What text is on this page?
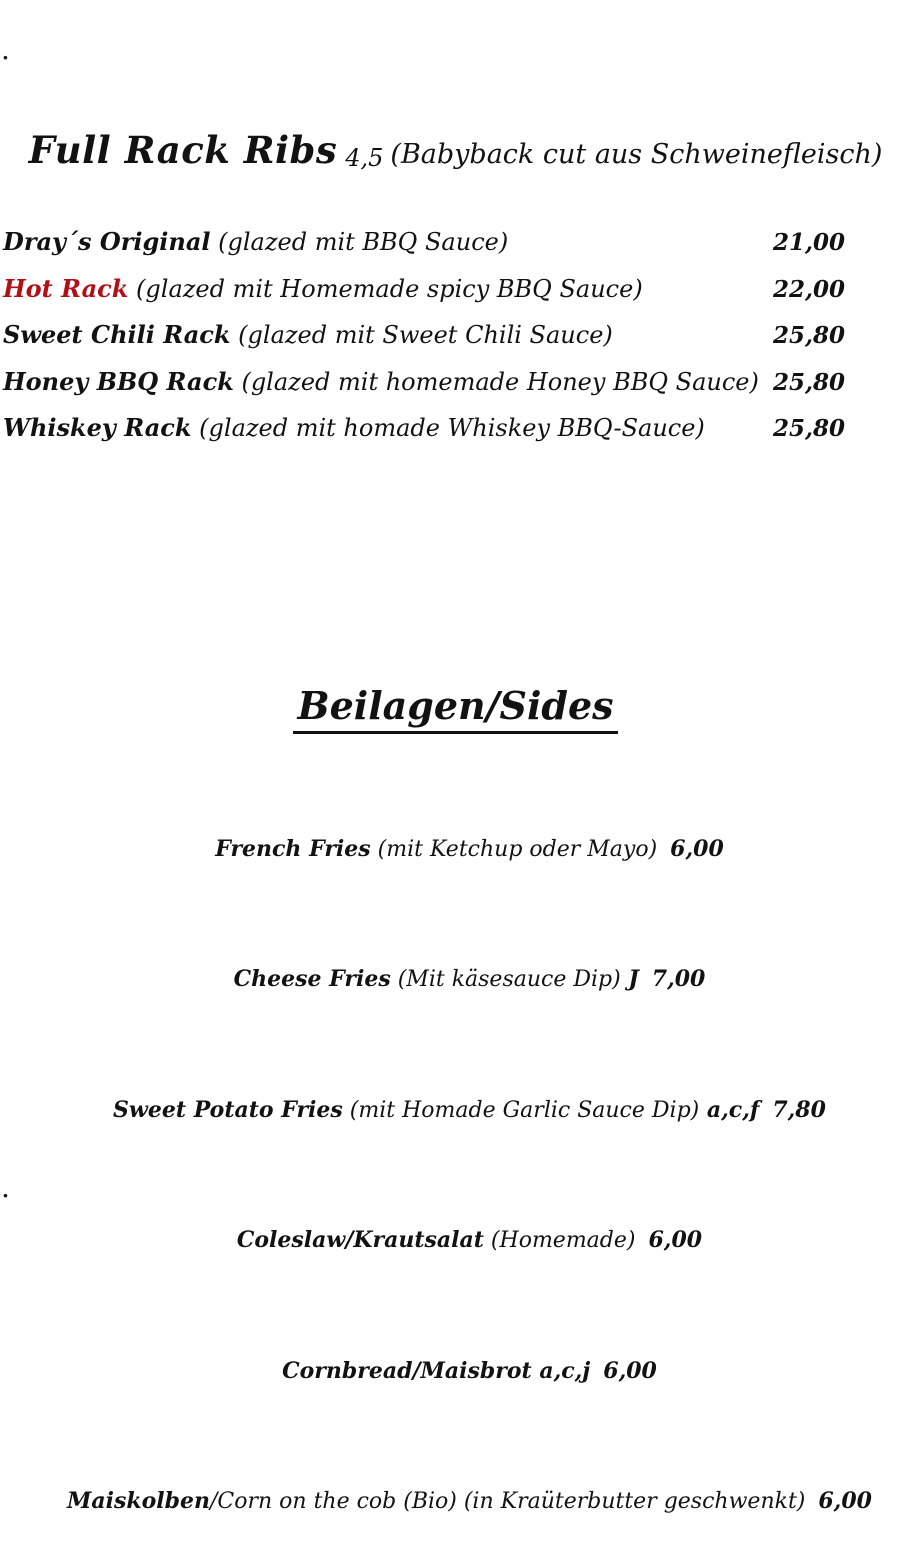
.
Full Rack Ribs 4,5 (Babyback cut aus Schweinefleisch)
Dray´s Original (glazed mit BBQ Sauce)	21,00
Hot Rack (glazed mit Homemade spicy BBQ Sauce)	22,00
Sweet Chili Rack (glazed mit Sweet Chili Sauce)	25,80
Honey BBQ Rack (glazed mit homemade Honey BBQ Sauce) 25,80
Whiskey Rack (glazed mit homade Whiskey BBQ-Sauce)	25,80
Beilagen/Sides

French Fries (mit Ketchup oder Mayo) 6,00

Cheese Fries (Mit käsesauce Dip) J 7,00

Sweet Potato Fries (mit Homade Garlic Sauce Dip) a,c,f 7,80

Coleslaw/Krautsalat (Homemade) 6,00

Cornbread/Maisbrot a,c,j 6,00

Maiskolben/Corn on the cob (Bio) (in Kraüterbutter geschwenkt) 6,00

.
